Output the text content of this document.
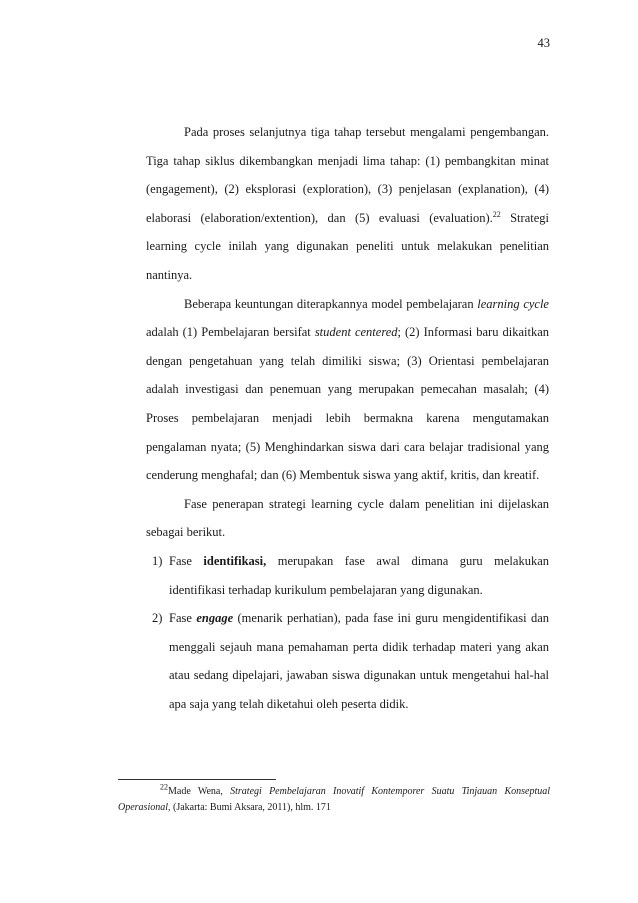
43

Pada proses selanjutnya tiga tahap tersebut mengalami pengembangan. Tiga tahap siklus dikembangkan menjadi lima tahap: (1) pembangkitan minat (engagement), (2) eksplorasi (exploration), (3) penjelasan (explanation), (4) elaborasi (elaboration/extention), dan (5) evaluasi (evaluation).$^{22}$ Strategi learning cycle inilah yang digunakan peneliti untuk melakukan penelitian nantinya.

Beberapa keuntungan diterapkannya model pembelajaran learning cycle adalah (1) Pembelajaran bersifat student centered; (2) Informasi baru dikaitkan dengan pengetahuan yang telah dimiliki siswa; (3) Orientasi pembelajaran adalah investigasi dan penemuan yang merupakan pemecahan masalah; (4) Proses pembelajaran menjadi lebih bermakna karena mengutamakan pengalaman nyata; (5) Menghindarkan siswa dari cara belajar tradisional yang cenderung menghafal; dan (6) Membentuk siswa yang aktif, kritis, dan kreatif.

Fase penerapan strategi learning cycle dalam penelitian ini dijelaskan sebagai berikut.

1) Fase identifikasi, merupakan fase awal dimana guru melakukan identifikasi terhadap kurikulum pembelajaran yang digunakan.
2) Fase engage (menarik perhatian), pada fase ini guru mengidentifikasi dan menggali sejauh mana pemahaman perta didik terhadap materi yang akan atau sedang dipelajari, jawaban siswa digunakan untuk mengetahui hal-hal apa saja yang telah diketahui oleh peserta didik.

$^{22}$Made Wena, Strategi Pembelajaran Inovatif Kontemporer Suatu Tinjauan Konseptual Operasional, (Jakarta: Bumi Aksara, 2011), hlm. 171
